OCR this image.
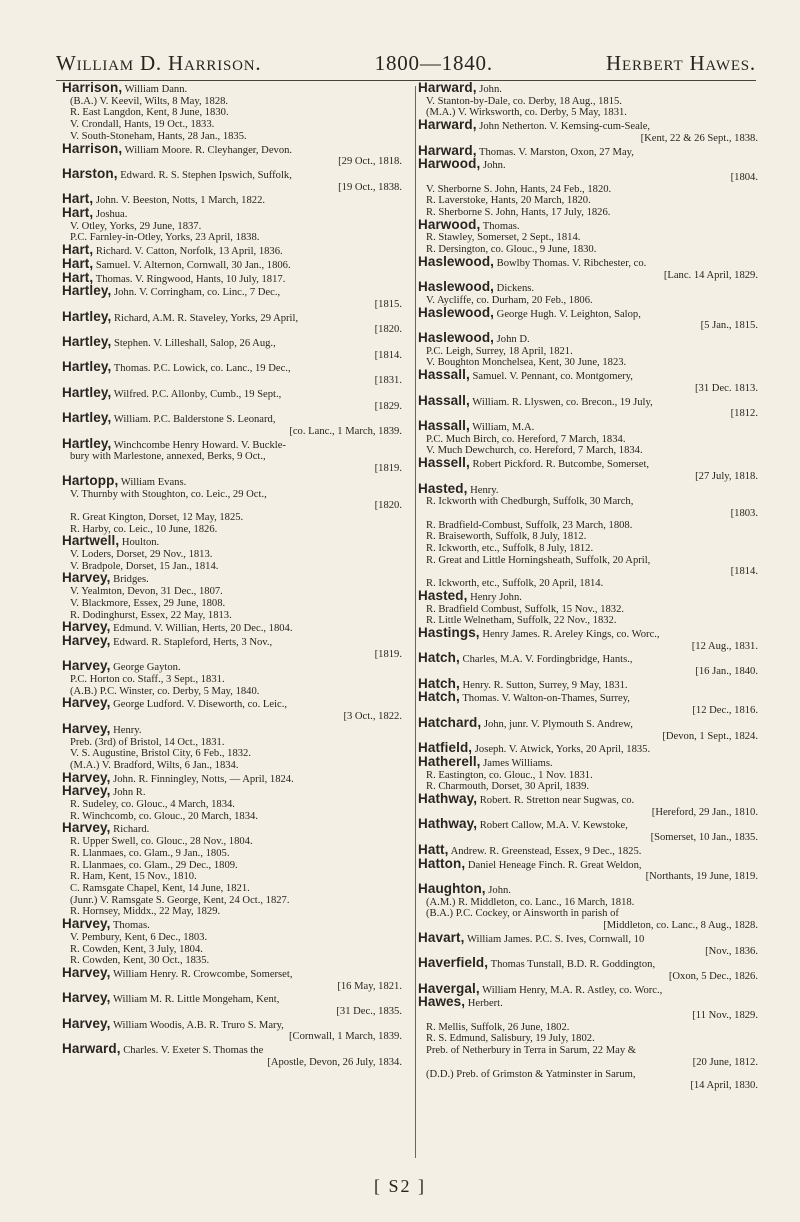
William D. Harrison.	1800—1840.	Herbert Hawes.
Harrison, William Dann.
(B.A.) V. Keevil, Wilts, 8 May, 1828.
R. East Langdon, Kent, 8 June, 1830.
V. Crondall, Hants, 19 Oct., 1833.
V. South-Stoneham, Hants, 28 Jan., 1835.
Harrison, William Moore. R. Cleyhanger, Devon.
[29 Oct., 1818.
Harston, Edward. R. S. Stephen Ipswich, Suffolk,
[19 Oct., 1838.
Hart, John. V. Beeston, Notts, 1 March, 1822.
Hart, Joshua.
V. Otley, Yorks, 29 June, 1837.
P.C. Farnley-in-Otley, Yorks, 23 April, 1838.
Hart, Richard. V. Catton, Norfolk, 13 April, 1836.
Hart, Samuel. V. Alternon, Cornwall, 30 Jan., 1806.
Hart, Thomas. V. Ringwood, Hants, 10 July, 1817.
Hartley, John. V. Corringham, co. Linc., 7 Dec.,
[1815.
Hartley, Richard, A.M. R. Staveley, Yorks, 29 April,
[1820.
Hartley, Stephen. V. Lilleshall, Salop, 26 Aug.,
[1814.
Hartley, Thomas. P.C. Lowick, co. Lanc., 19 Dec.,
[1831.
Hartley, Wilfred. P.C. Allonby, Cumb., 19 Sept.,
[1829.
Hartley, William. P.C. Balderstone S. Leonard,
[co. Lanc., 1 March, 1839.
Hartley, Winchcombe Henry Howard. V. Buckle-
bury with Marlestone, annexed, Berks, 9 Oct.,
[1819.
Hartopp, William Evans.
V. Thurnby with Stoughton, co. Leic., 29 Oct.,
[1820.
R. Great Kington, Dorset, 12 May, 1825.
R. Harby, co. Leic., 10 June, 1826.
Hartwell, Houlton.
V. Loders, Dorset, 29 Nov., 1813.
V. Bradpole, Dorset, 15 Jan., 1814.
Harvey, Bridges.
V. Yealmton, Devon, 31 Dec., 1807.
V. Blackmore, Essex, 29 June, 1808.
R. Dodinghurst, Essex, 22 May, 1813.
Harvey, Edmund. V. Willian, Herts, 20 Dec., 1804.
Harvey, Edward. R. Stapleford, Herts, 3 Nov.,
[1819.
Harvey, George Gayton.
P.C. Horton co. Staff., 3 Sept., 1831.
(A.B.) P.C. Winster, co. Derby, 5 May, 1840.
Harvey, George Ludford. V. Diseworth, co. Leic.,
[3 Oct., 1822.
Harvey, Henry.
Preb. (3rd) of Bristol, 14 Oct., 1831.
V. S. Augustine, Bristol City, 6 Feb., 1832.
(M.A.) V. Bradford, Wilts, 6 Jan., 1834.
Harvey, John. R. Finningley, Notts, — April, 1824.
Harvey, John R.
R. Sudeley, co. Glouc., 4 March, 1834.
R. Winchcomb, co. Glouc., 20 March, 1834.
Harvey, Richard.
R. Upper Swell, co. Glouc., 28 Nov., 1804.
R. Llanmaes, co. Glam., 9 Jan., 1805.
R. Llanmaes, co. Glam., 29 Dec., 1809.
R. Ham, Kent, 15 Nov., 1810.
C. Ramsgate Chapel, Kent, 14 June, 1821.
(Junr.) V. Ramsgate S. George, Kent, 24 Oct., 1827.
R. Hornsey, Middx., 22 May, 1829.
Harvey, Thomas.
V. Pembury, Kent, 6 Dec., 1803.
R. Cowden, Kent, 3 July, 1804.
R. Cowden, Kent, 30 Oct., 1835.
Harvey, William Henry. R. Crowcombe, Somerset,
[16 May, 1821.
Harvey, William M. R. Little Mongeham, Kent,
[31 Dec., 1835.
Harvey, William Woodis, A.B. R. Truro S. Mary,
[Cornwall, 1 March, 1839.
Harward, Charles. V. Exeter S. Thomas the
[Apostle, Devon, 26 July, 1834.
Harward, John.
V. Stanton-by-Dale, co. Derby, 18 Aug., 1815.
(M.A.) V. Wirksworth, co. Derby, 5 May, 1831.
Harward, John Netherton. V. Kemsing-cum-Seale,
[Kent, 22 & 26 Sept., 1838.
Harward, Thomas. V. Marston, Oxon, 27 May,
Harwood, John.
[1804.
V. Sherborne S. John, Hants, 24 Feb., 1820.
R. Laverstoke, Hants, 20 March, 1820.
R. Sherborne S. John, Hants, 17 July, 1826.
Harwood, Thomas.
R. Stawley, Somerset, 2 Sept., 1814.
R. Dersington, co. Glouc., 9 June, 1830.
Haslewood, Bowlby Thomas. V. Ribchester, co.
[Lanc. 14 April, 1829.
Haslewood, Dickens.
V. Aycliffe, co. Durham, 20 Feb., 1806.
Haslewood, George Hugh. V. Leighton, Salop,
[5 Jan., 1815.
Haslewood, John D.
P.C. Leigh, Surrey, 18 April, 1821.
V. Boughton Monchelsea, Kent, 30 June, 1823.
Hassall, Samuel. V. Pennant, co. Montgomery,
[31 Dec. 1813.
Hassall, William. R. Llyswen, co. Brecon., 19 July,
[1812.
Hassall, William, M.A.
P.C. Much Birch, co. Hereford, 7 March, 1834.
V. Much Dewchurch, co. Hereford, 7 March, 1834.
Hassell, Robert Pickford. R. Butcombe, Somerset,
[27 July, 1818.
Hasted, Henry.
R. Ickworth with Chedburgh, Suffolk, 30 March,
[1803.
R. Bradfield-Combust, Suffolk, 23 March, 1808.
R. Braiseworth, Suffolk, 8 July, 1812.
R. Ickworth, etc., Suffolk, 8 July, 1812.
R. Great and Little Horningsheath, Suffolk, 20 April,
[1814.
R. Ickworth, etc., Suffolk, 20 April, 1814.
Hasted, Henry John.
R. Bradfield Combust, Suffolk, 15 Nov., 1832.
R. Little Welnetham, Suffolk, 22 Nov., 1832.
Hastings, Henry James. R. Areley Kings, co. Worc.,
[12 Aug., 1831.
Hatch, Charles, M.A. V. Fordingbridge, Hants.,
[16 Jan., 1840.
Hatch, Henry. R. Sutton, Surrey, 9 May, 1831.
Hatch, Thomas. V. Walton-on-Thames, Surrey,
[12 Dec., 1816.
Hatchard, John, junr. V. Plymouth S. Andrew,
[Devon, 1 Sept., 1824.
Hatfield, Joseph. V. Atwick, Yorks, 20 April, 1835.
Hatherell, James Williams.
R. Eastington, co. Glouc., 1 Nov. 1831.
R. Charmouth, Dorset, 30 April, 1839.
Hathway, Robert. R. Stretton near Sugwas, co.
[Hereford, 29 Jan., 1810.
Hathway, Robert Callow, M.A. V. Kewstoke,
[Somerset, 10 Jan., 1835.
Hatt, Andrew. R. Greenstead, Essex, 9 Dec., 1825.
Hatton, Daniel Heneage Finch. R. Great Weldon,
[Northants, 19 June, 1819.
Haughton, John.
(A.M.) R. Middleton, co. Lanc., 16 March, 1818.
(B.A.) P.C. Cockey, or Ainsworth in parish of
[Middleton, co. Lanc., 8 Aug., 1828.
Havart, William James. P.C. S. Ives, Cornwall, 10
[Nov., 1836.
Haverfield, Thomas Tunstall, B.D. R. Goddington,
[Oxon, 5 Dec., 1826.
Havergal, William Henry, M.A. R. Astley, co. Worc.,
Hawes, Herbert.
[11 Nov., 1829.
R. Mellis, Suffolk, 26 June, 1802.
R. S. Edmund, Salisbury, 19 July, 1802.
Preb. of Netherbury in Terra in Sarum, 22 May &
[20 June, 1812.
(D.D.) Preb. of Grimston & Yatminster in Sarum,
[14 April, 1830.
[ S2 ]
